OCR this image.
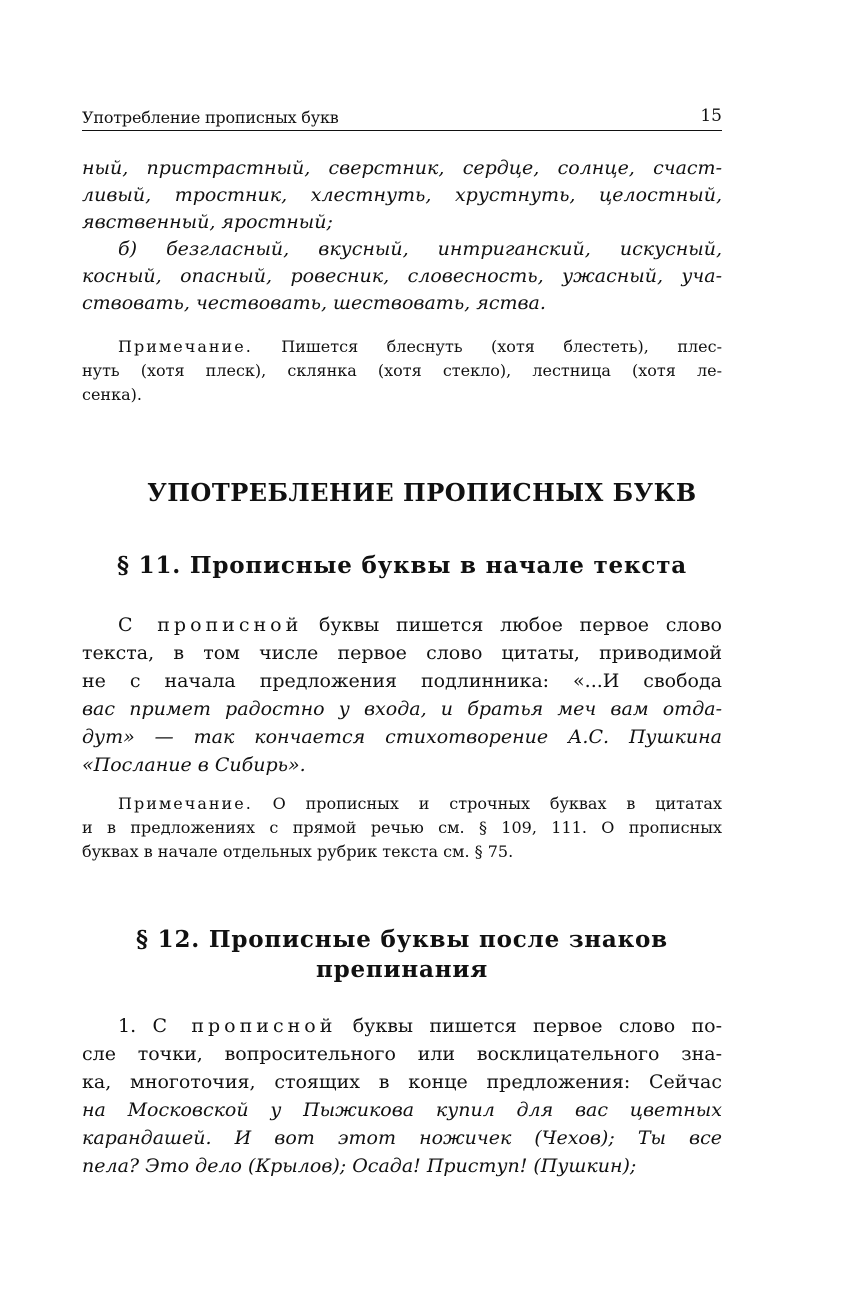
Употребление прописных букв	15
ный, пристрастный, сверстник, сердце, солнце, счаст-
ливый, тростник, хлестнуть, хрустнуть, целостный,
явственный, яростный;
б) безгласный, вкусный, интриганский, искусный,
косный, опасный, ровесник, словесность, ужасный, уча-
ствовать, чествовать, шествовать, яства.
Примечание. Пишется блеснуть (хотя блестеть), плес-
нуть (хотя плеск), склянка (хотя стекло), лестница (хотя ле-
сенка).
УПОТРЕБЛЕНИЕ ПРОПИСНЫХ БУКВ
§ 11. Прописные буквы в начале текста
С прописной буквы пишется любое первое слово
текста, в том числе первое слово цитаты, приводимой
не с начала предложения подлинника: «...И свобода
вас примет радостно у входа, и братья меч вам отда-
дут» — так кончается стихотворение А.С. Пушкина
«Послание в Сибирь».
Примечание. О прописных и строчных буквах в цитатах
и в предложениях с прямой речью см. § 109, 111. О прописных
буквах в начале отдельных рубрик текста см. § 75.
§ 12. Прописные буквы после знаков
препинания
1. С прописной буквы пишется первое слово по-
сле точки, вопросительного или восклицательного зна-
ка, многоточия, стоящих в конце предложения: Сейчас
на Московской у Пыжикова купил для вас цветных
карандашей. И вот этот ножичек (Чехов); Ты все
пела? Это дело (Крылов); Осада! Приступ! (Пушкин);
